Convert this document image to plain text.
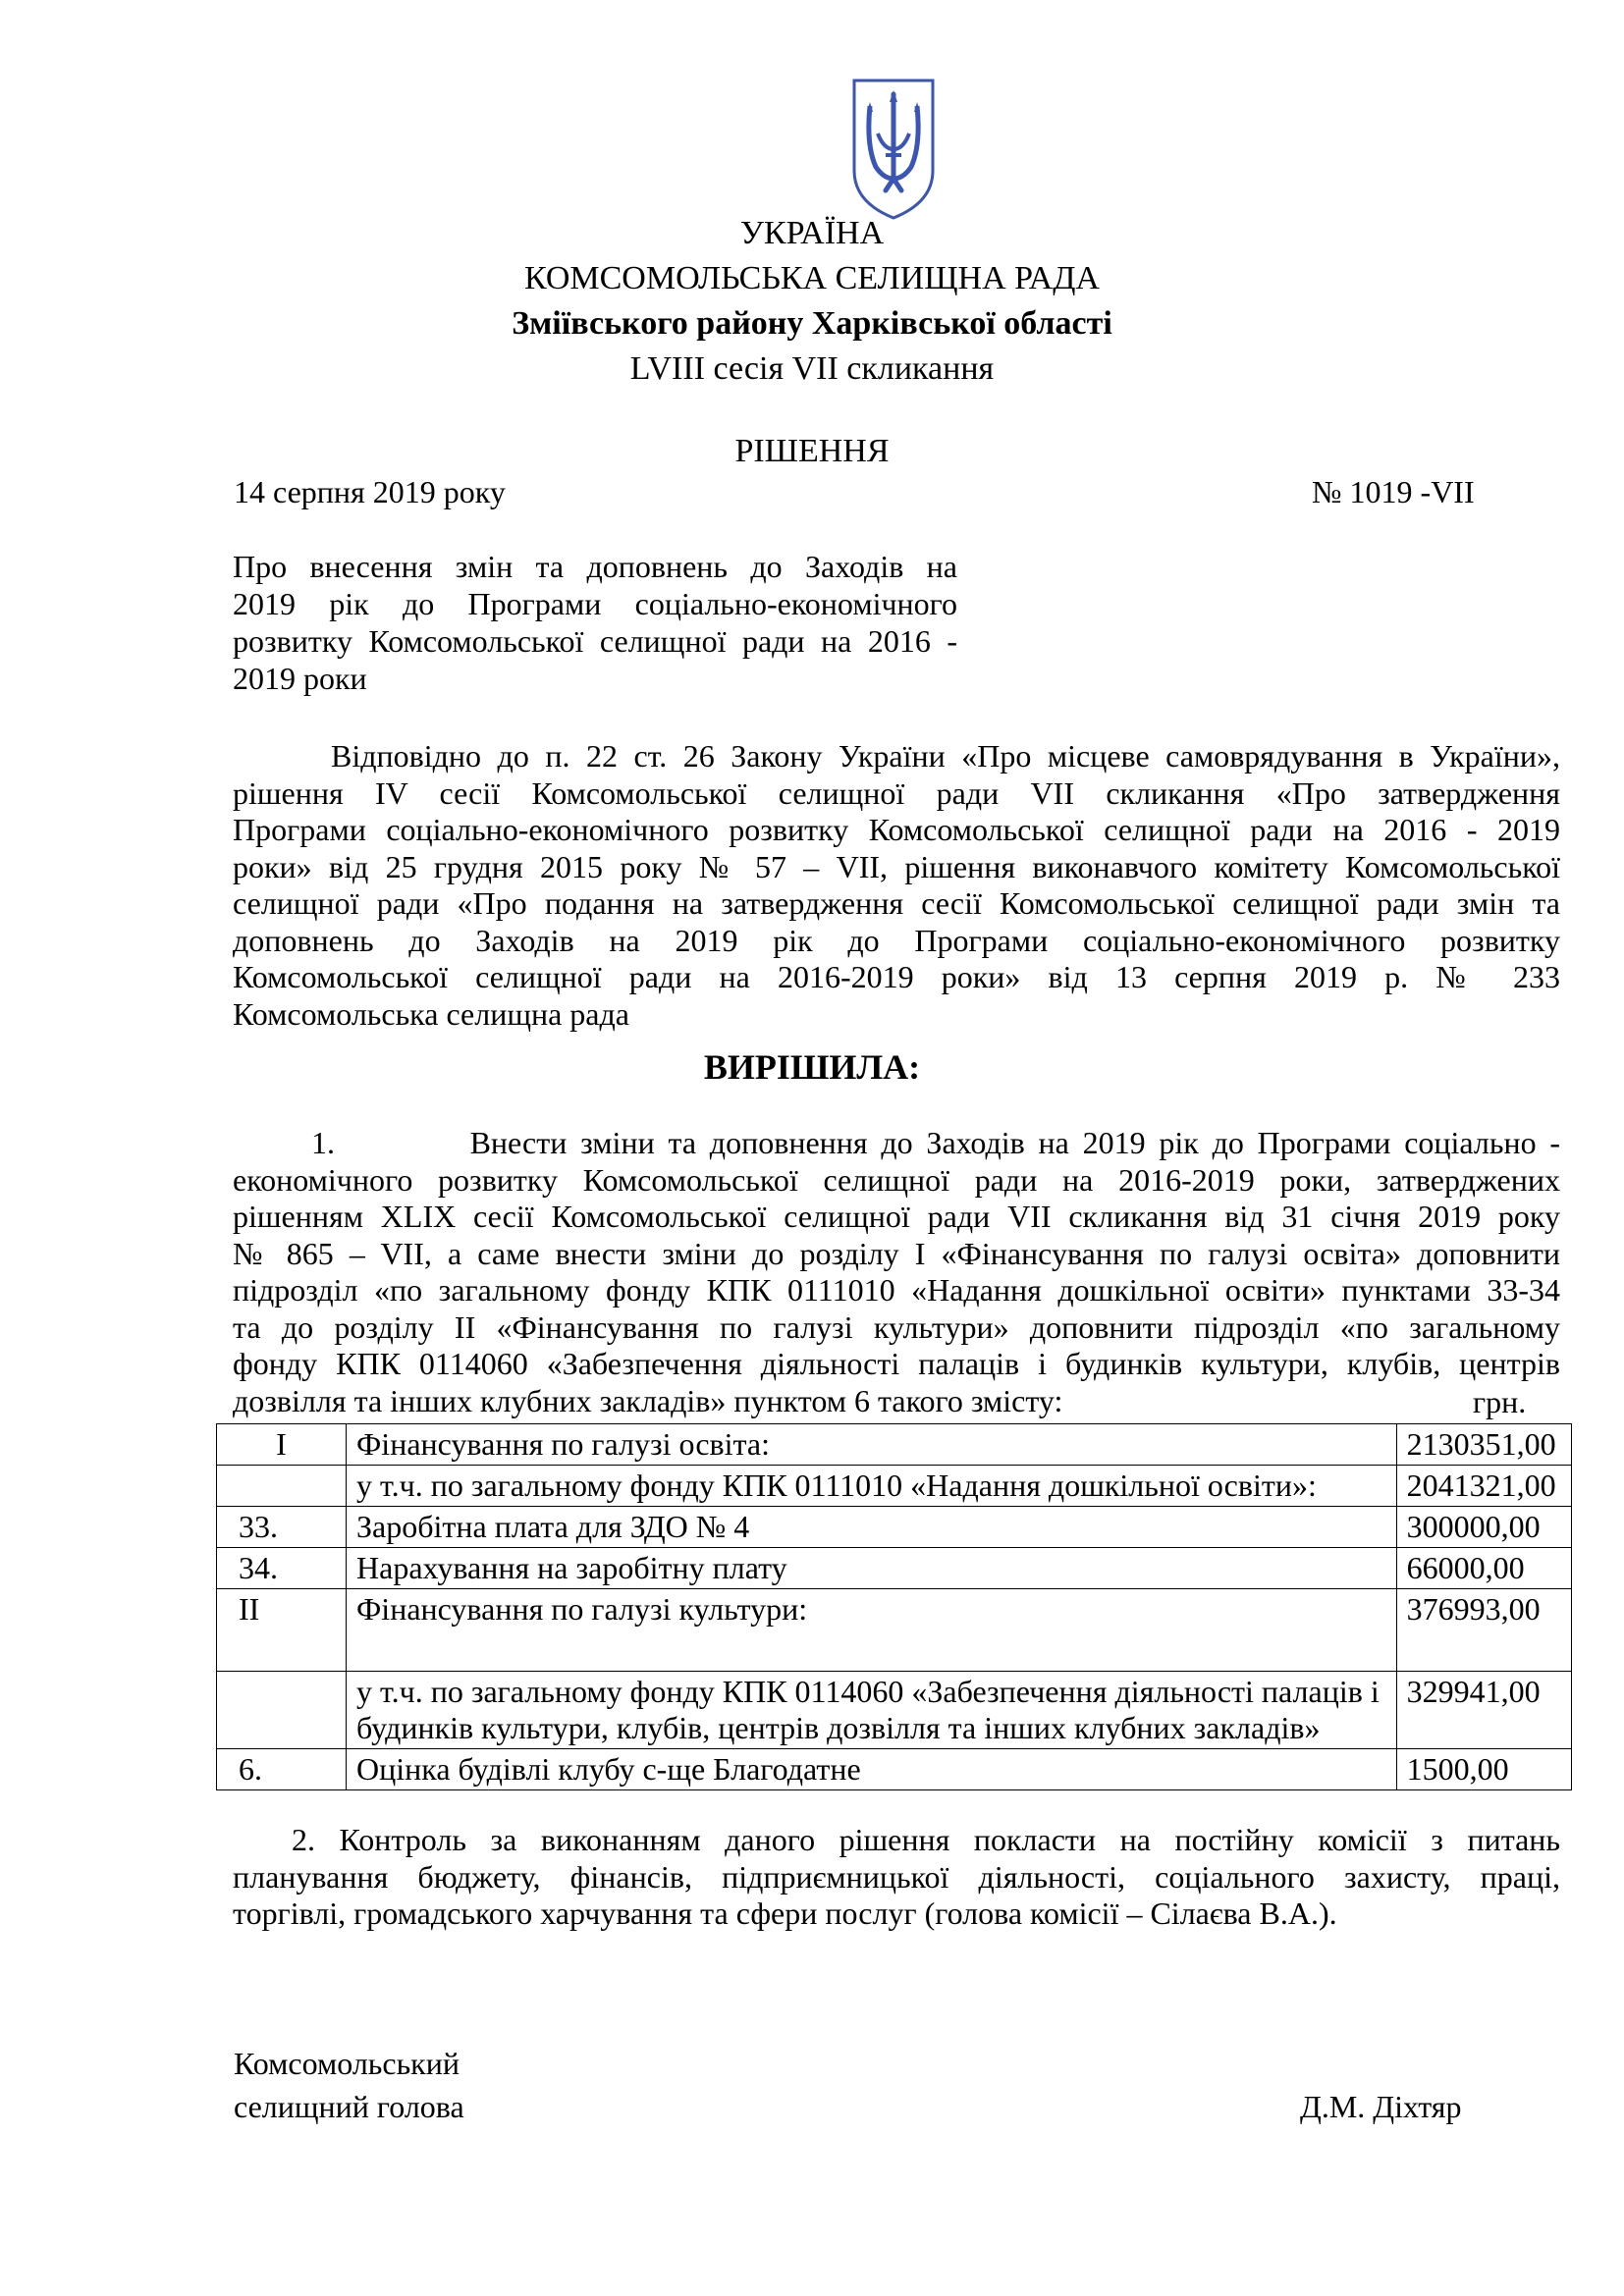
УКРАЇНА
КОМСОМОЛЬСЬКА СЕЛИЩНА РАДА
Зміївського району Харківської області
LVIII сесія VII скликання
РІШЕННЯ
14 серпня 2019 року	№ 1019 -VII
Про внесення змін та доповнень до Заходів на
2019 рік до Програми соціально-економічного
розвитку Комсомольської селищної ради на 2016 -
2019 роки
Відповідно до п. 22 ст. 26 Закону України «Про місцеве самоврядування в України»,
рішення IV сесії Комсомольської селищної ради VII скликання «Про затвердження
Програми соціально-економічного розвитку Комсомольської селищної ради на 2016 - 2019
роки» від 25 грудня 2015 року № 57 – VII, рішення виконавчого комітету Комсомольської
селищної ради «Про подання на затвердження сесії Комсомольської селищної ради змін та
доповнень до Заходів на 2019 рік до Програми соціально-економічного розвитку
Комсомольської селищної ради на 2016-2019 роки» від 13 серпня 2019 р. № 233
Комсомольська селищна рада
ВИРІШИЛА:
1.          Внести зміни та доповнення до Заходів на 2019 рік до Програми соціально -
економічного розвитку Комсомольської селищної ради на 2016-2019 роки, затверджених
рішенням XLIX сесії Комсомольської селищної ради VII скликання від 31 січня 2019 року
№ 865 – VII, а саме внести зміни до розділу I «Фінансування по галузі освіта» доповнити
підрозділ «по загальному фонду КПК 0111010 «Надання дошкільної освіти» пунктами 33-34
та до розділу II «Фінансування по галузі культури» доповнити підрозділ «по загальному
фонду КПК 0114060 «Забезпечення діяльності палаців і будинків культури, клубів, центрів
дозвілля та інших клубних закладів» пунктом 6 такого змісту:	грн.
I	Фінансування по галузі освіта:	2130351,00
	у т.ч. по загальному фонду КПК 0111010 «Надання дошкільної освіти»:	2041321,00
33.	Заробітна плата для ЗДО № 4	300000,00
34.	Нарахування на заробітну плату	66000,00
II	Фінансування по галузі культури:	376993,00
	у т.ч. по загальному фонду КПК 0114060 «Забезпечення діяльності палаців і будинків культури, клубів, центрів дозвілля та інших клубних закладів»	329941,00
6.	Оцінка будівлі клубу с-ще Благодатне	1500,00
2. Контроль за виконанням даного рішення покласти на постійну комісії з питань
планування бюджету, фінансів, підприємницької діяльності, соціального захисту, праці,
торгівлі, громадського харчування та сфери послуг (голова комісії – Сілаєва В.А.).
Комсомольський
селищний голова	Д.М. Діхтяр
